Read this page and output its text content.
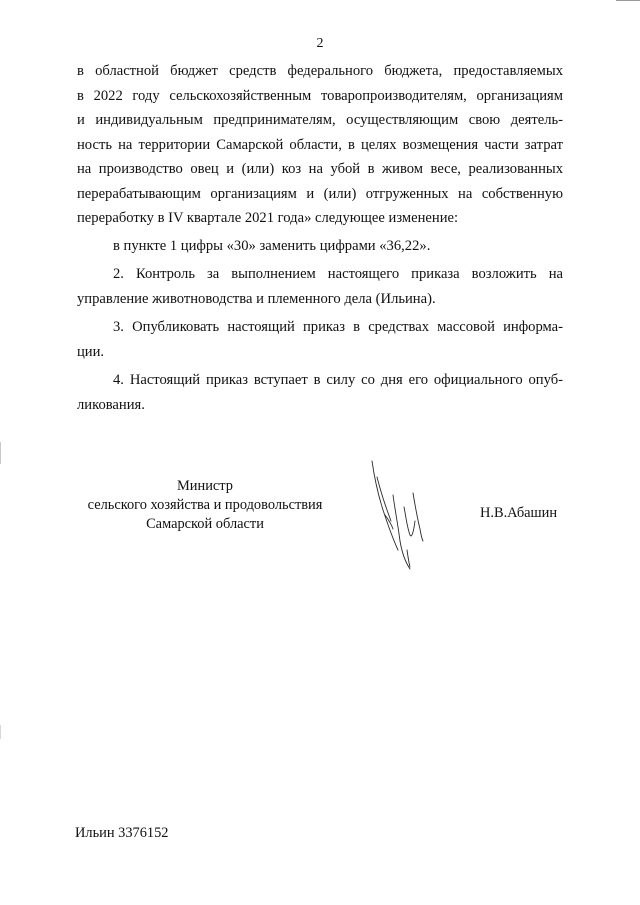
2
в областной бюджет средств федерального бюджета, предоставляемых
в 2022 году сельскохозяйственным товаропроизводителям, организациям
и индивидуальным предпринимателям, осуществляющим свою деятель-
ность на территории Самарской области, в целях возмещения части затрат
на производство овец и (или) коз на убой в живом весе, реализованных
перерабатывающим организациям и (или) отгруженных на собственную
переработку в IV квартале 2021 года» следующее изменение:
в пункте 1 цифры «30» заменить цифрами «36,22».
2. Контроль за выполнением настоящего приказа возложить на
управление животноводства и племенного дела (Ильина).
3. Опубликовать настоящий приказ в средствах массовой информа-
ции.
4. Настоящий приказ вступает в силу со дня его официального опуб-
ликования.
Министр
сельского хозяйства и продовольствия
Самарской области
Н.В.Абашин
Ильин 3376152
